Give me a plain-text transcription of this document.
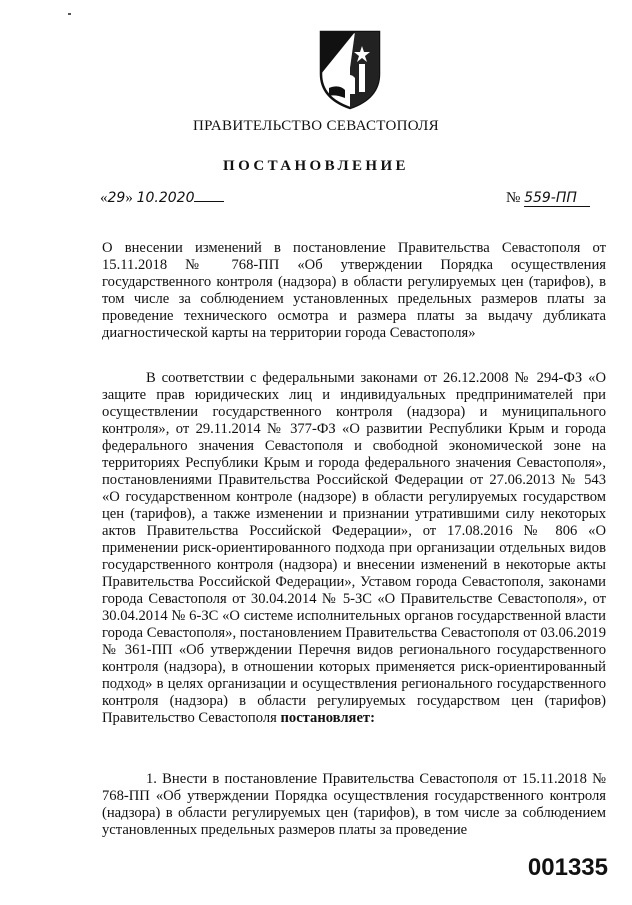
ПРАВИТЕЛЬСТВО СЕВАСТОПОЛЯ
ПОСТАНОВЛЕНИЕ
«29» 10.2020	№ 559-ПП
О внесении изменений в постановление Правительства Севастополя от 15.11.2018 № 768-ПП «Об утверждении Порядка осуществления государственного контроля (надзора) в области регулируемых цен (тарифов), в том числе за соблюдением установленных предельных размеров платы за проведение технического осмотра и размера платы за выдачу дубликата диагностической карты на территории города Севастополя»
В соответствии с федеральными законами от 26.12.2008 № 294-ФЗ «О защите прав юридических лиц и индивидуальных предпринимателей при осуществлении государственного контроля (надзора) и муниципального контроля», от 29.11.2014 № 377-ФЗ «О развитии Республики Крым и города федерального значения Севастополя и свободной экономической зоне на территориях Республики Крым и города федерального значения Севастополя», постановлениями Правительства Российской Федерации от 27.06.2013 № 543 «О государственном контроле (надзоре) в области регулируемых государством цен (тарифов), а также изменении и признании утратившими силу некоторых актов Правительства Российской Федерации», от 17.08.2016 № 806 «О применении риск-ориентированного подхода при организации отдельных видов государственного контроля (надзора) и внесении изменений в некоторые акты Правительства Российской Федерации», Уставом города Севастополя, законами города Севастополя от 30.04.2014 № 5-ЗС «О Правительстве Севастополя», от 30.04.2014 № 6-ЗС «О системе исполнительных органов государственной власти города Севастополя», постановлением Правительства Севастополя от 03.06.2019 № 361-ПП «Об утверждении Перечня видов регионального государственного контроля (надзора), в отношении которых применяется риск-ориентированный подход» в целях организации и осуществления регионального государственного контроля (надзора) в области регулируемых государством цен (тарифов) Правительство Севастополя постановляет:
1. Внести в постановление Правительства Севастополя от 15.11.2018 № 768-ПП «Об утверждении Порядка осуществления государственного контроля (надзора) в области регулируемых цен (тарифов), в том числе за соблюдением установленных предельных размеров платы за проведение
001335
